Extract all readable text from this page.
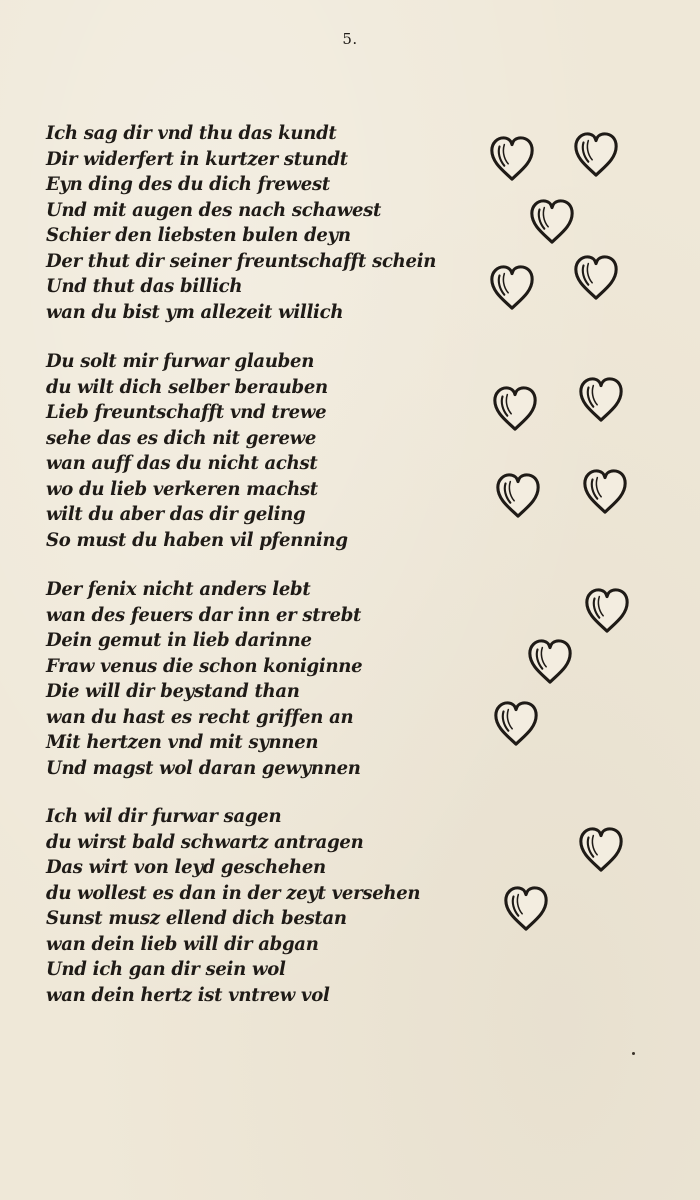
5.
Ich sag dir vnd thu das kundt
Dir widerfert in kurtzer stundt
Eyn ding des du dich frewest
Und mit augen des nach schawest
Schier den liebsten bulen deyn
Der thut dir seiner freuntschafft schein
Und thut das billich
wan du bist ym allezeit willich
Du solt mir furwar glauben
du wilt dich selber berauben
Lieb freuntschafft vnd trewe
sehe das es dich nit gerewe
wan auff das du nicht achst
wo du lieb verkeren machst
wilt du aber das dir geling
So must du haben vil pfenning
Der fenix nicht anders lebt
wan des feuers dar inn er strebt
Dein gemut in lieb darinne
Fraw venus die schon koniginne
Die will dir beystand than
wan du hast es recht griffen an
Mit hertzen vnd mit synnen
Und magst wol daran gewynnen
Ich wil dir furwar sagen
du wirst bald schwartz antragen
Das wirt von leyd geschehen
du wollest es dan in der zeyt versehen
Sunst musz ellend dich bestan
wan dein lieb will dir abgan
Und ich gan dir sein wol
wan dein hertz ist vntrew vol
